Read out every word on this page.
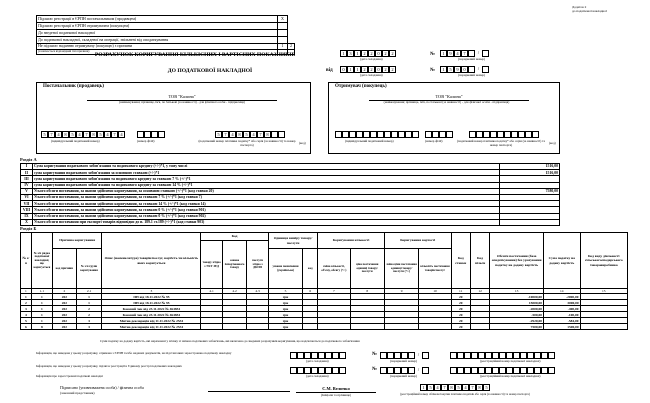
Додаток 2
до податкової накладної
Підлягає реєстрації в ЄРПН постачальником (продавцем)	X	
Підлягає реєстрації в ЄРПН отримувачем (покупцем)		
До зведеної податкової накладної		
До податкової накладної, складеної на операції, звільнені від оподаткування		
Не підлягає наданню отримувачу (покупцю) з причини	1	2
(зазначається відповідний тип причини)		
РОЗРАХУНОК КОРИГУВАННЯ КІЛЬКІСНИХ І ВАРТІСНИХ ПОКАЗНИКІВ
ДО ПОДАТКОВОЇ НАКЛАДНОЇ	від
№
№
1 3 1 2 2 0 2 2
(дата складання)
1 9 4 7	/
(порядковий номер)
0 1 1 2 2 0 2 2
(дата складання)
1 5 9 0	/
(порядковий номер)
Постачальник (продавець)
ТОВ "Калина"
(найменування; прізвище, ім'я, по батькові (за наявності) - для фізичної особи - підприємця)
5 7 4 8 5 4 7 8 5 4 7 4
(індивідуальний податковий номер)	(номер філії)
5 7 4 8 5 4 7 8
(податковий номер платника податку* або серія (за наявності) та номер паспорта)	(код)
Отримувач (покупець)
ТОВ "Калина"
(найменування; прізвище, ім'я, по батькові (за наявності) - для фізичної особи - підприємця)
(індивідуальний податковий номер)	(номер філії)	(податковий номер платника податку* або серія (за наявності) та номер паспорта)	(код)
Розділ А
I	Сума коригування податкового зобов'язання та податкового кредиту (+/-)*1, у тому числі	1516,00
II	сума коригування податкового зобов'язання за основною ставкою (+/-)*1	1516,00
III	сума коригування податкового зобов'язання та податкового кредиту за ставкою 7 % (+/-)*1	
IV	сума коригування податкового зобов'язання та податкового кредиту за ставкою 14 % (+/-)*1	
V	Усього обсяги постачання, за якими здійснено коригування, за основною ставкою (+/-)*1 (код ставки 20)	7580,00
VI	Усього обсяги постачання, за якими здійснено коригування, за ставкою 7 % (+/-)*1 (код ставки 7)	
VII	Усього обсяги постачання, за якими здійснено коригування, за ставкою 14 % (+/-)*1 (код ставки 14)	
VIII	Усього обсяги постачання, за якими здійснено коригування, за ставкою 0 % (+/-)*1 (код ставки 901)	
IX	Усього обсяги постачання, за якими здійснено коригування, за ставкою 0 % (+/-)*1 (код ставки 902)	
X	Усього обсяги постачання при експорті товарів відповідно до п. 189.1 ст.189 (+/-)*1 (код ставки 903)	
Розділ Б
№ з/п	№ з/п рядка податкової накладної, що коригується	Причина коригування		Опис (номенклатура) товарів/послуг, вартість чи кількість яких коригується	Код			Одиниця виміру товару/послуги		Коригування кількості		Коригування вартості		Код ставки	Код пільги	Обсяги постачання (база оподаткування) без урахування податку на додану вартість	Сума податку на додану вартість	Код виду діяльності сільськогосподарського товаровиробника
					товару згідно з УКТ ЗЕД	ознака імпортованого товару	послуги згідно з ДКПП											
		код причини	№ з/п групи коригування					умовне позначення (українське)	код	зміна кількості, об'єму, обсягу (+/-)	ціна постачання одиниці товару/послуги	зміна ціни постачання одиниці товару/послуги (+/-)	кількість постачання товарів/послуг					
1	1.1	2	2.1	3	4.1	4.2	4.3	5	6	7	8	9	10	11	12	13	14	15
1	1	202	1	ПН від 18.11.2022 № 95				грн						20		-10000,00	-2000,00	
2	1	202	1	ПН від 18.11.2022 № 95				грн						20		15000,00	3000,00	
3	1	202	2	Касовий чек від 23.11.2022 № 464854				грн						20		-2000,00	-400,00	
4	1	202	2	Касовий чек від 23.11.2022 № 464854				грн						20		-500,00	-100,00	
5	1	202	3	Митна декларація від 11.11.2022 № 2534				грн						20		-2920,00	-584,00	
6	8	202	3	Митна декларація від 11.11.2022 № 2534				грн						20		7500,00	1500,00	
Суми податку на додану вартість, які нараховані у зв'язку зі зміною податкових зобов'язань, які включено до зведених розрахунків коригування, що надсилаються до податкового зобов'язання
Інформація, що наведена у цьому розрахунку, отримана з ЄРПН та/або наданих документів, на підставі яких зареєстровано податкову накладну
Інформація, що наведена у цьому розрахунку, підлягає реєстрації в Єдиному реєстрі податкових накладних
Інформація про зареєстровані податкові накладні
(дата складання)
№	/
(порядковий номер)	(реєстраційний номер податкової накладної)
(дата складання)
№	/
(порядковий номер)	(реєстраційний номер податкової накладної)
Підписано (уповноважена особа) / фізична особа
(законний представник)
С.М. Величко
(Ініціали та прізвище)
1 5 4 7 8 5 4 7 8 5
(реєстраційний номер облікової картки платника податків або серія (за наявності) та номер паспорта)
